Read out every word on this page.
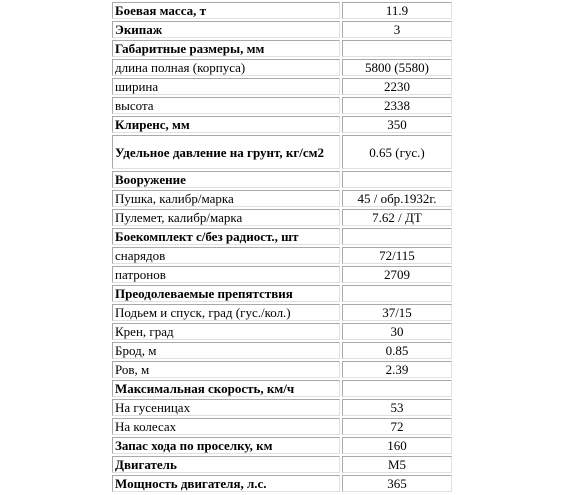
Боевая масса, т	11.9
Экипаж	3
Габаритные размеры, мм	
длина полная (корпуса)	5800 (5580)
ширина	2230
высота	2338
Клиренс, мм	350
Удельное давление на грунт, кг/см2	0.65 (гус.)
Вооружение	
Пушка, калибр/марка	45 / обр.1932г.
Пулемет, калибр/марка	7.62 / ДТ
Боекомплект с/без радиост., шт	
снарядов	72/115
патронов	2709
Преодолеваемые препятствия	
Подьем и спуск, град (гус./кол.)	37/15
Крен, град	30
Брод, м	0.85
Ров, м	2.39
Максимальная скорость, км/ч	
На гусеницах	53
На колесах	72
Запас хода по проселку, км	160
Двигатель	М5
Мощность двигателя, л.с.	365
